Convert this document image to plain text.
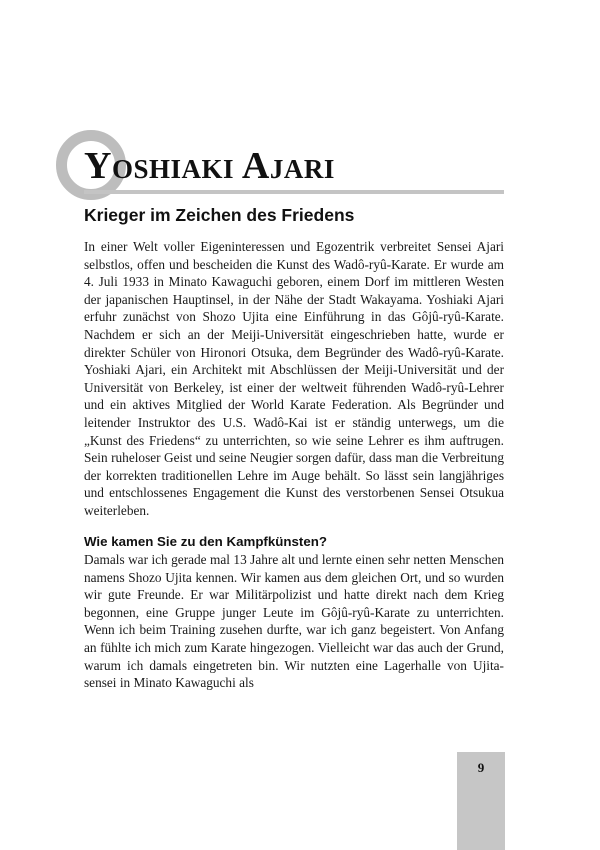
Yoshiaki Ajari
Krieger im Zeichen des Friedens

In einer Welt voller Eigeninteressen und Egozentrik verbreitet Sensei Ajari selbstlos, offen und bescheiden die Kunst des Wadô-ryû-Karate. Er wurde am 4. Juli 1933 in Minato Kawaguchi geboren, einem Dorf im mittleren Westen der japanischen Hauptinsel, in der Nähe der Stadt Wakayama. Yoshiaki Ajari erfuhr zunächst von Shozo Ujita eine Einführung in das Gôjû-ryû-Karate. Nachdem er sich an der Meiji-Universität eingeschrieben hatte, wurde er direkter Schüler von Hironori Otsuka, dem Begründer des Wadô-ryû-Karate. Yoshiaki Ajari, ein Architekt mit Abschlüssen der Meiji-Universität und der Universität von Berkeley, ist einer der weltweit führenden Wadô-ryû-Lehrer und ein aktives Mitglied der World Karate Federation. Als Begründer und leitender Instruktor des U.S. Wadô-Kai ist er ständig unterwegs, um die „Kunst des Friedens“ zu unterrichten, so wie seine Lehrer es ihm auftrugen. Sein ruheloser Geist und seine Neugier sorgen dafür, dass man die Verbreitung der korrekten traditionellen Lehre im Auge behält. So lässt sein langjähriges und entschlossenes Engagement die Kunst des verstorbenen Sensei Otsukua weiterleben.

Wie kamen Sie zu den Kampfkünsten?

Damals war ich gerade mal 13 Jahre alt und lernte einen sehr netten Menschen namens Shozo Ujita kennen. Wir kamen aus dem gleichen Ort, und so wurden wir gute Freunde. Er war Militärpolizist und hatte direkt nach dem Krieg begonnen, eine Gruppe junger Leute im Gôjû-ryû-Karate zu unterrichten. Wenn ich beim Training zusehen durfte, war ich ganz begeistert. Von Anfang an fühlte ich mich zum Karate hingezogen. Vielleicht war das auch der Grund, warum ich damals eingetreten bin. Wir nutzten eine Lagerhalle von Ujita-sensei in Minato Kawaguchi als

9
